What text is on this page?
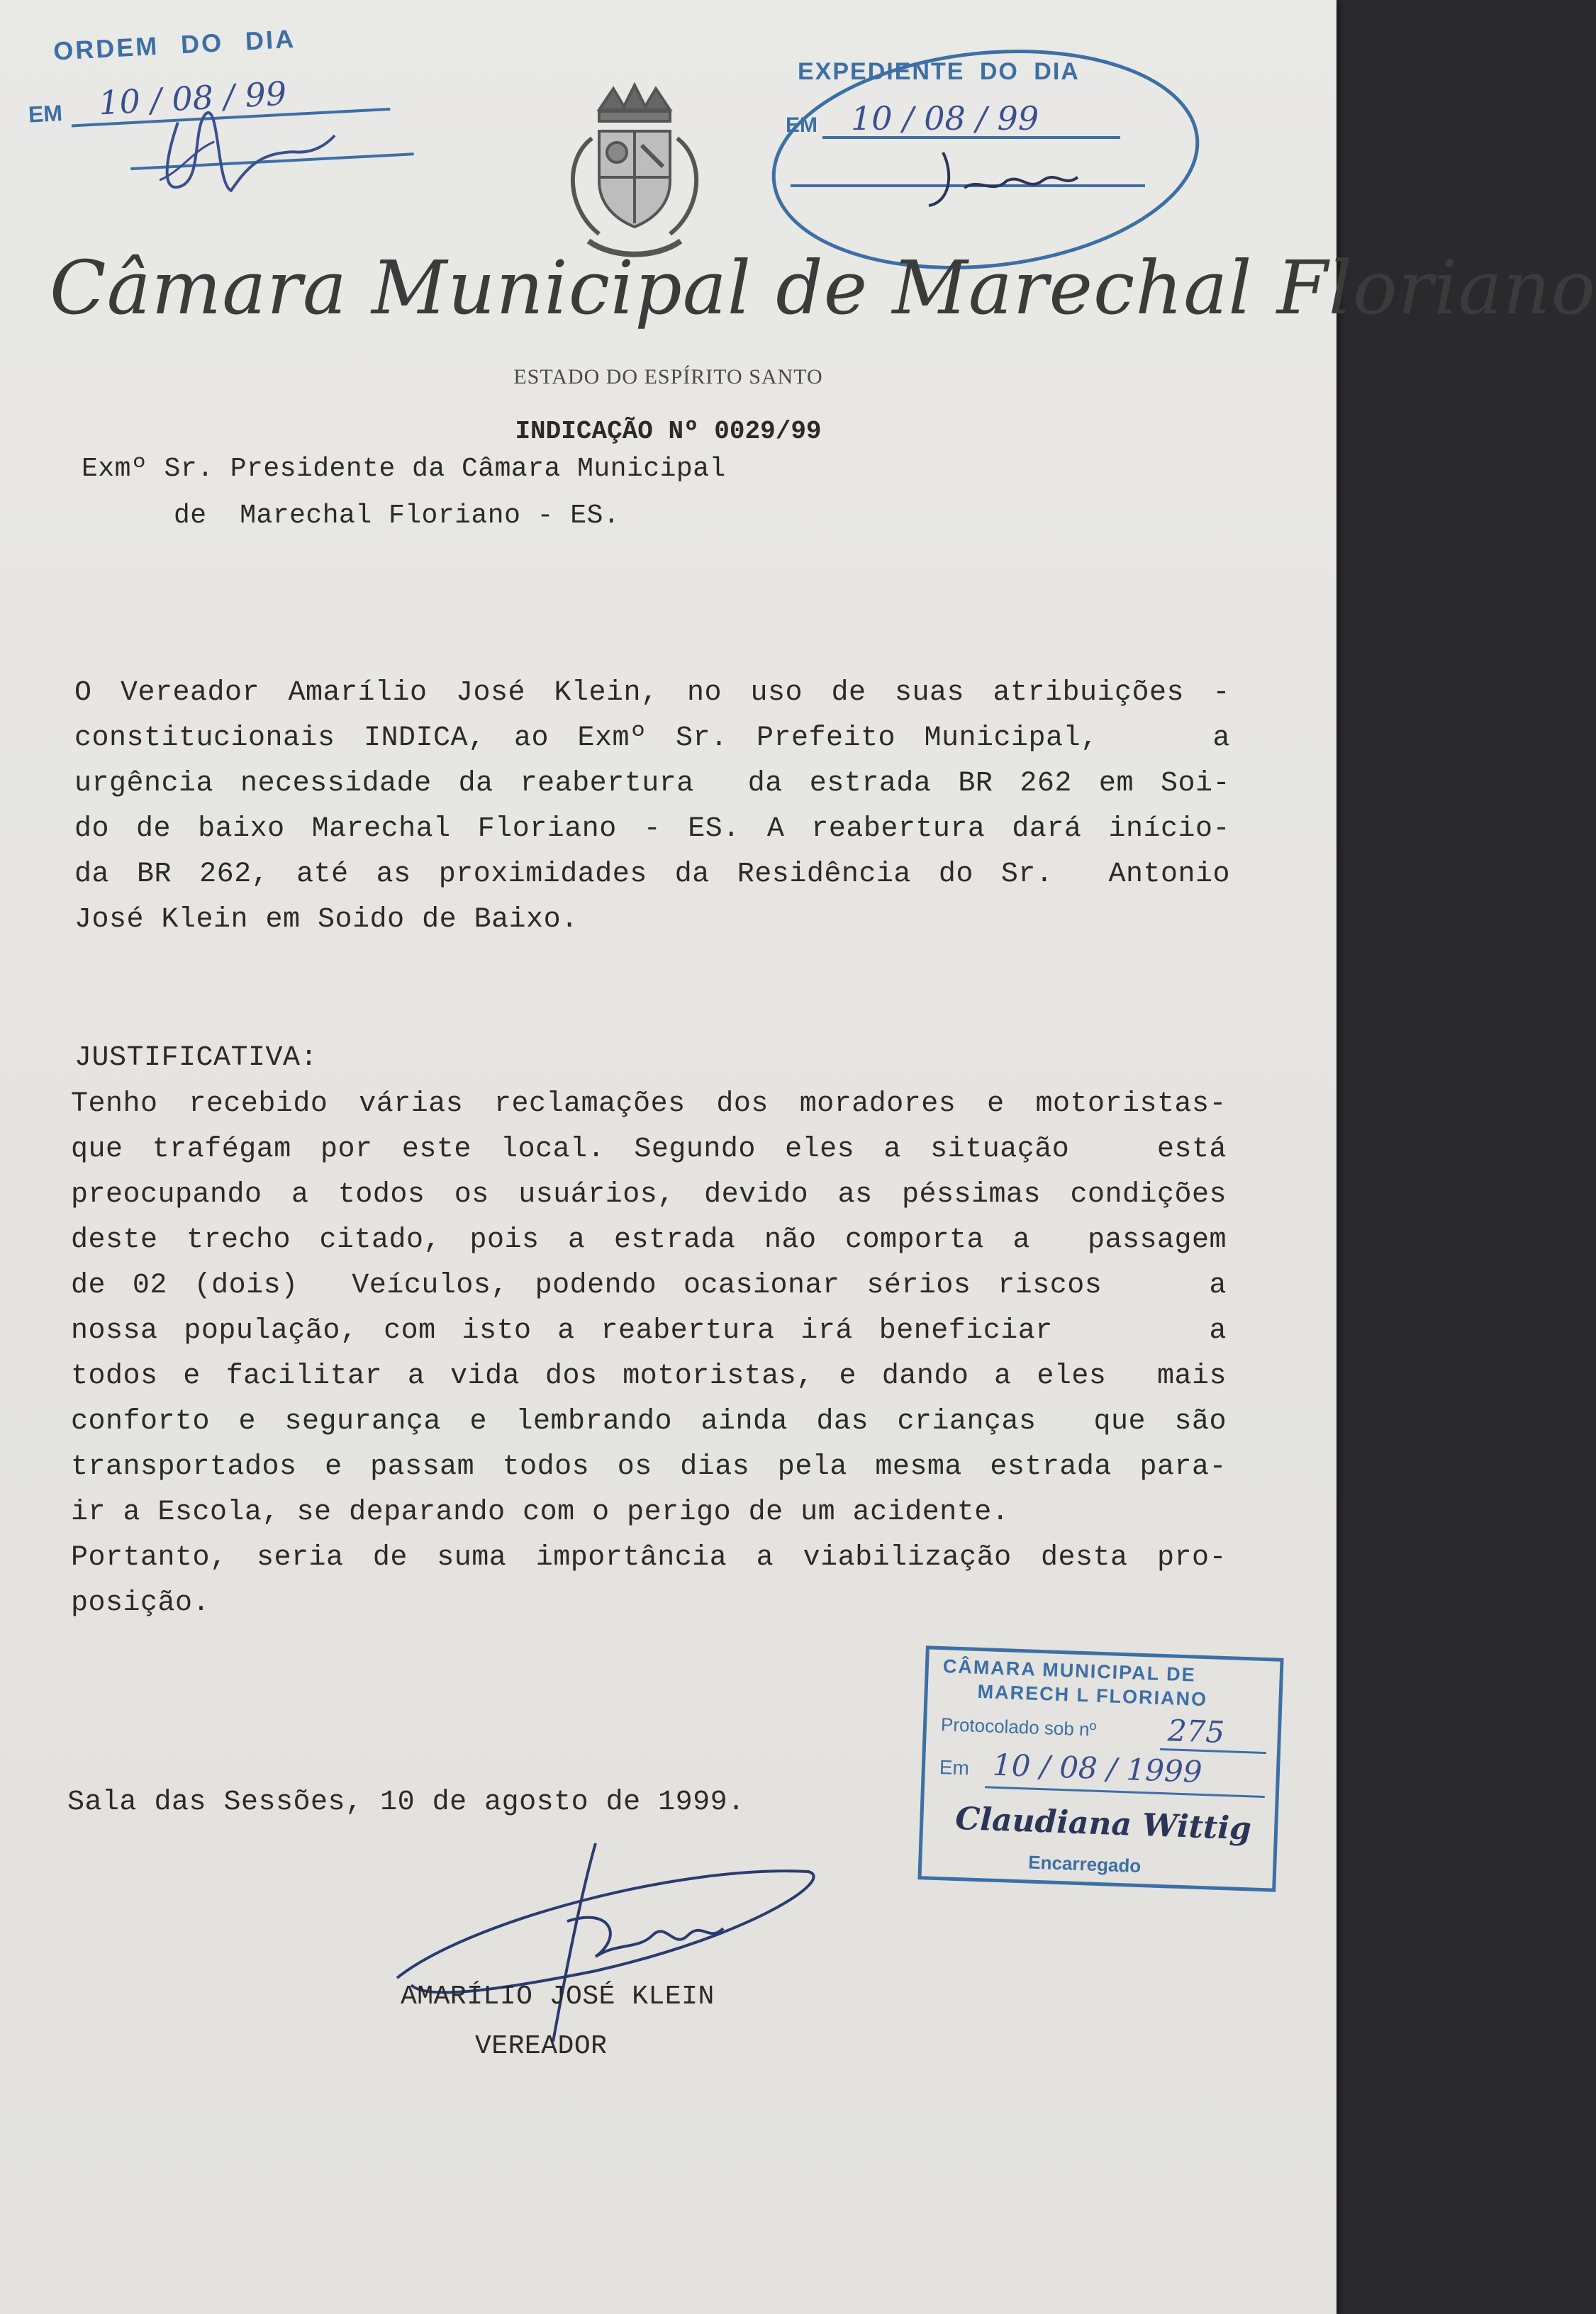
ORDEM DO DIA
EM 10 / 08 / 99
EXPEDIENTE DO DIA
EM 10 / 08 / 99
Câmara Municipal de Marechal Floriano
ESTADO DO ESPÍRITO SANTO
INDICAÇÃO Nº 0029/99
Exmº Sr. Presidente da Câmara Municipal
de  Marechal Floriano - ES.
O Vereador Amarílio José Klein, no uso de suas atribuições -
constitucionais INDICA, ao Exmº Sr. Prefeito Municipal,    a
urgência necessidade da reabertura  da estrada BR 262 em Soi-
do de baixo Marechal Floriano - ES. A reabertura dará início-
da BR 262, até as proximidades da Residência do Sr.  Antonio
José Klein em Soido de Baixo.
JUSTIFICATIVA:
Tenho recebido várias reclamações dos moradores e motoristas-
que trafégam por este local. Segundo eles a situação   está
preocupando a todos os usuários, devido as péssimas condições
deste trecho citado, pois a estrada não comporta a  passagem
de 02 (dois)  Veículos, podendo ocasionar sérios riscos    a
nossa população, com isto a reabertura irá beneficiar      a
todos e facilitar a vida dos motoristas, e dando a eles  mais
conforto e segurança e lembrando ainda das crianças  que são
transportados e passam todos os dias pela mesma estrada para-
ir a Escola, se deparando com o perigo de um acidente.
Portanto, seria de suma importância a viabilização desta pro-
posição.
CÂMARA MUNICIPAL DE
MARECH L FLORIANO
Protocolado sob nº 275
Em 10 / 08 / 1999
Claudiana Wittig
Encarregado
Sala das Sessões, 10 de agosto de 1999.
AMARÍLIO JOSÉ KLEIN
VEREADOR
